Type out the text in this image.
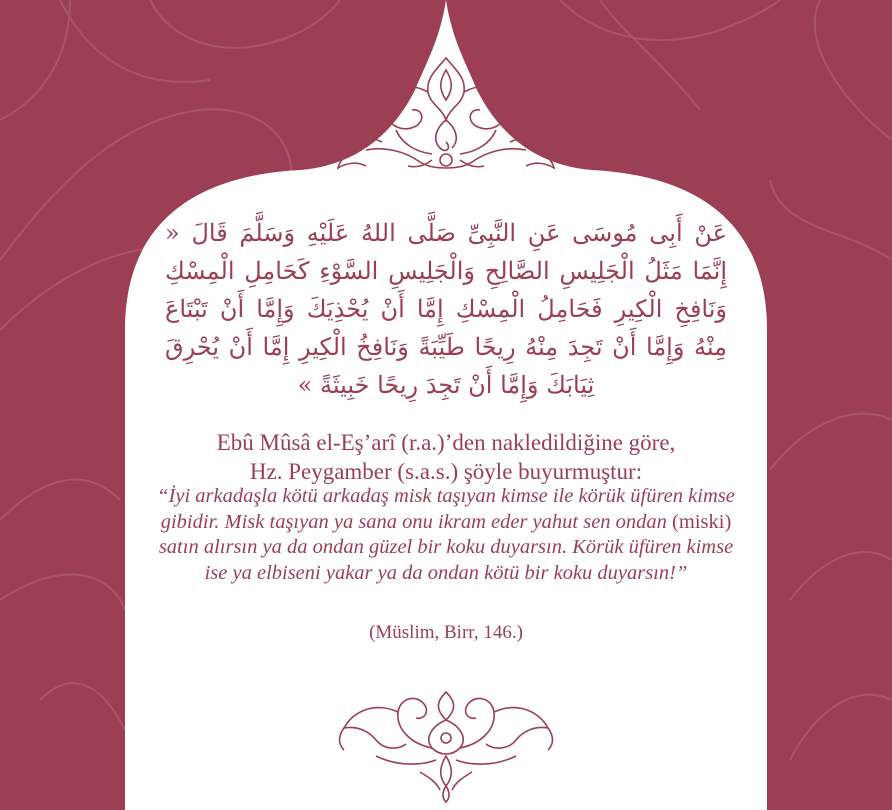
عَنْ أَبِى مُوسَى عَنِ النَّبِىِّ صَلَّى اللهُ عَلَيْهِ وَسَلَّمَ قَالَ « إِنَّمَا مَثَلُ الْجَلِيسِ الصَّالِحِ وَالْجَلِيسِ السَّوْءِ كَحَامِلِ الْمِسْكِ وَنَافِخِ الْكِيرِ فَحَامِلُ الْمِسْكِ إِمَّا أَنْ يُحْذِيَكَ وَإِمَّا أَنْ تَبْتَاعَ مِنْهُ وَإِمَّا أَنْ تَجِدَ مِنْهُ رِيحًا طَيِّبَةً وَنَافِخُ الْكِيرِ إِمَّا أَنْ يُحْرِقَ ثِيَابَكَ وَإِمَّا أَنْ تَجِدَ رِيحًا خَبِيثَةً »
Ebû Mûsâ el-Eş’arî (r.a.)’den nakledildiğine göre,
Hz. Peygamber (s.a.s.) şöyle buyurmuştur:
“İyi arkadaşla kötü arkadaş misk taşıyan kimse ile körük üfüren kimse gibidir. Misk taşıyan ya sana onu ikram eder yahut sen ondan (miski) satın alırsın ya da ondan güzel bir koku duyarsın. Körük üfüren kimse ise ya elbiseni yakar ya da ondan kötü bir koku duyarsın!”
(Müslim, Birr, 146.)
